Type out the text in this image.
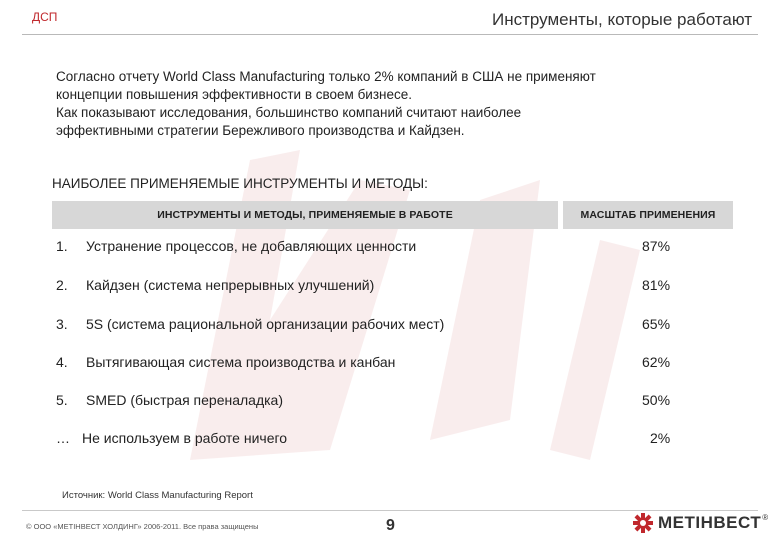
ДСП	Инструменты, которые работают

Согласно отчету World Class Manufacturing только 2% компаний в США не применяют

концепции повышения эффективности в своем бизнесе.

Как показывают исследования, большинство компаний считают наиболее

эффективными стратегии Бережливого производства и Кайдзен.

НАИБОЛЕЕ ПРИМЕНЯЕМЫЕ ИНСТРУМЕНТЫ И МЕТОДЫ:
ИНСТРУМЕНТЫ И МЕТОДЫ, ПРИМЕНЯЕМЫЕ В РАБОТЕ	МАСШТАБ ПРИМЕНЕНИЯ
1. Устранение процессов, не добавляющих ценности	87%
2. Кайдзен (система непрерывных улучшений)	81%
3. 5S (система рациональной организации рабочих мест)	65%
4. Вытягивающая система производства и канбан	62%
5. SMED (быстрая переналадка)	50%
… Не используем в работе ничего	2%
Источник: World Class Manufacturing Report
© ООО «МЕТІНВЕСТ ХОЛДИНГ» 2006-2011. Все права защищены	9	МЕТІНВЕСТ®
